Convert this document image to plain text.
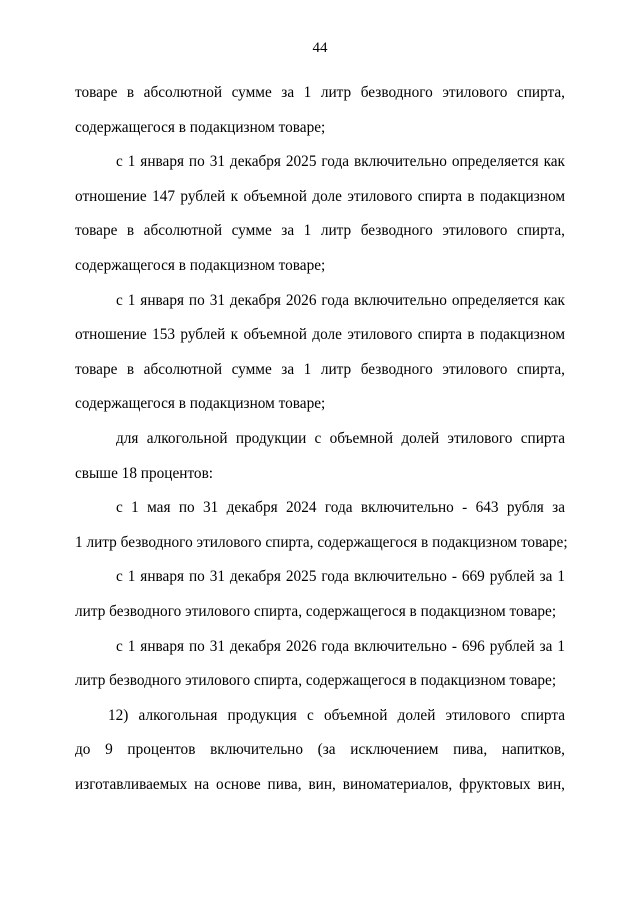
44
товаре в абсолютной сумме за 1 литр безводного этилового спирта,
содержащегося в подакцизном товаре;
с 1 января по 31 декабря 2025 года включительно определяется как
отношение 147 рублей к объемной доле этилового спирта в подакцизном
товаре в абсолютной сумме за 1 литр безводного этилового спирта,
содержащегося в подакцизном товаре;
с 1 января по 31 декабря 2026 года включительно определяется как
отношение 153 рублей к объемной доле этилового спирта в подакцизном
товаре в абсолютной сумме за 1 литр безводного этилового спирта,
содержащегося в подакцизном товаре;
для алкогольной продукции с объемной долей этилового спирта
свыше 18 процентов:
с 1 мая по 31 декабря 2024 года включительно - 643 рубля за
1 литр безводного этилового спирта, содержащегося в подакцизном товаре;
с 1 января по 31 декабря 2025 года включительно - 669 рублей за 1
литр безводного этилового спирта, содержащегося в подакцизном товаре;
с 1 января по 31 декабря 2026 года включительно - 696 рублей за 1
литр безводного этилового спирта, содержащегося в подакцизном товаре;
12) алкогольная продукция с объемной долей этилового спирта
до 9 процентов включительно (за исключением пива, напитков,
изготавливаемых на основе пива, вин, виноматериалов, фруктовых вин,
